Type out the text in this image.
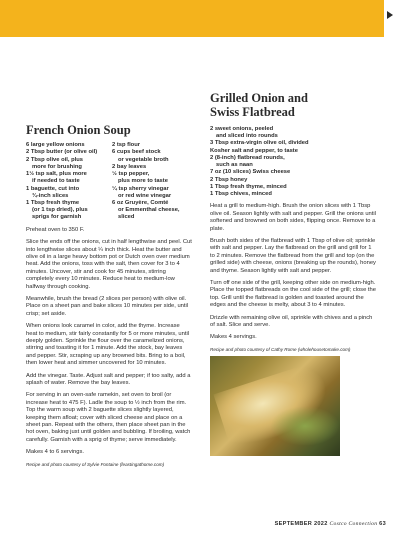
French Onion Soup
6 large yellow onions
2 Tbsp butter (or olive oil)
2 Tbsp olive oil, plus
more for brushing
1½ tsp salt, plus more
if needed to taste
1 baguette, cut into
¾-inch slices
1 Tbsp fresh thyme
(or 1 tsp dried), plus sprigs for garnish
2 tsp flour
6 cups beef stock
or vegetable broth
2 bay leaves
½ tsp pepper,
plus more to taste
¼ tsp sherry vinegar
or red wine vinegar
6 oz Gruyère, Comté
or Emmenthal cheese, sliced

Preheat oven to 350 F.

Slice the ends off the onions, cut in half lengthwise and peel. Cut into lengthwise slices about ¼ inch thick. Heat the butter and olive oil in a large heavy bottom pot or Dutch oven over medium heat. Add the onions, toss with the salt, then cover for 3 to 4 minutes. Uncover, stir and cook for 45 minutes, stirring completely every 10 minutes. Reduce heat to medium-low halfway through cooking.

Meanwhile, brush the bread (2 slices per person) with olive oil. Place on a sheet pan and bake slices 10 minutes per side, until crisp; set aside.

When onions look caramel in color, add the thyme. Increase heat to medium, stir fairly constantly for 5 or more minutes, until deeply golden. Sprinkle the flour over the caramelized onions, stirring and toasting it for 1 minute. Add the stock, bay leaves and pepper. Stir, scraping up any browned bits. Bring to a boil, then lower heat and simmer uncovered for 10 minutes.

Add the vinegar. Taste. Adjust salt and pepper; if too salty, add a splash of water. Remove the bay leaves.

For serving in an oven-safe ramekin, set oven to broil (or increase heat to 475 F). Ladle the soup to ½ inch from the rim. Top the warm soup with 2 baguette slices slightly layered, keeping them afloat; cover with sliced cheese and place on a sheet pan. Repeat with the others, then place sheet pan in the hot oven, baking just until golden and bubbling. If broiling, watch carefully. Garnish with a sprig of thyme; serve immediately.

Makes 4 to 6 servings.

Recipe and photo courtesy of Sylvie Fontaine (feastingathome.com)
Grilled Onion and
Swiss Flatbread
2 sweet onions, peeled
and sliced into rounds
3 Tbsp extra-virgin olive oil, divided
Kosher salt and pepper, to taste
2 (8-inch) flatbread rounds,
such as naan
7 oz (10 slices) Swiss cheese
2 Tbsp honey
1 Tbsp fresh thyme, minced
1 Tbsp chives, minced

Heat a grill to medium-high. Brush the onion slices with 1 Tbsp olive oil. Season lightly with salt and pepper. Grill the onions until softened and browned on both sides, flipping once. Remove to a plate.

Brush both sides of the flatbread with 1 Tbsp of olive oil; sprinkle with salt and pepper. Lay the flatbread on the grill and grill for 1 to 2 minutes. Remove the flatbread from the grill and top (on the grilled side) with cheese, onions (breaking up the rounds), honey and thyme. Season lightly with salt and pepper.

Turn off one side of the grill, keeping other side on medium-high. Place the topped flatbreads on the cool side of the grill; close the top. Grill until the flatbread is golden and toasted around the edges and the cheese is melty, about 3 to 4 minutes.

Drizzle with remaining olive oil, sprinkle with chives and a pinch of salt. Slice and serve.

Makes 4 servings.

Recipe and photo courtesy of Cathy Rome (wholehousetomake.com)
SEPTEMBER 2022 Costco Connection 63
